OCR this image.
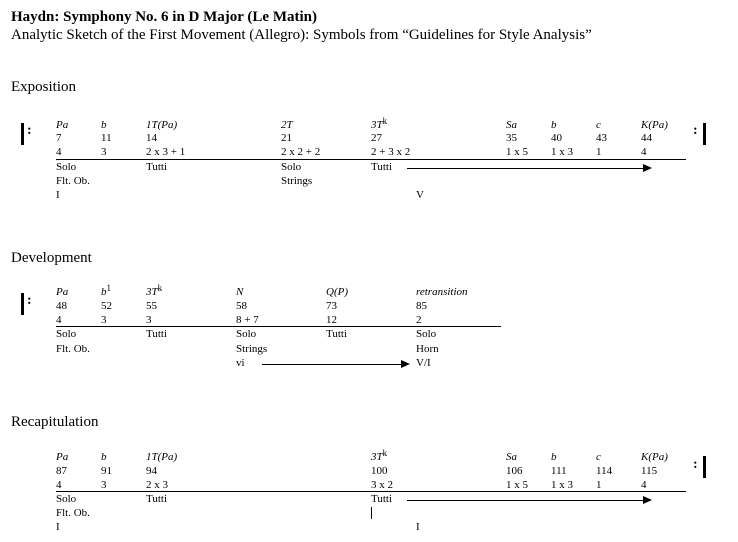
Haydn: Symphony No. 6 in D Major (Le Matin)
Analytic Sketch of the First Movement (Allegro): Symbols from “Guidelines for Style Analysis”
Exposition
:	:
Pa
7
4
Solo
Flt. Ob.
I
b
11
3
1T(Pa)
14
2 x 3 + 1
Tutti
2T
21
2 x 2 + 2
Solo
Strings
$3T^k$
27
2 + 3 x 2
Tutti
Sa
35
1 x 5
b
40
1 x 3
c
43
1
K(Pa)
44
4
V
Development
:
Pa
48
4
Solo
Flt. Ob.
$b^1$
52
3
$3T^k$
55
3
Tutti
N
58
8 + 7
Solo
Strings
vi
Q(P)
73
12
Tutti
retransition
85
2
Solo
Horn
V/I
Recapitulation
:
Pa
87
4
Solo
Flt. Ob.
I
b
91
3
1T(Pa)
94
2 x 3
Tutti
$3T^k$
100
3 x 2
Tutti
Sa
106
1 x 5
b
111
1 x 3
c
114
1
K(Pa)
115
4
I
